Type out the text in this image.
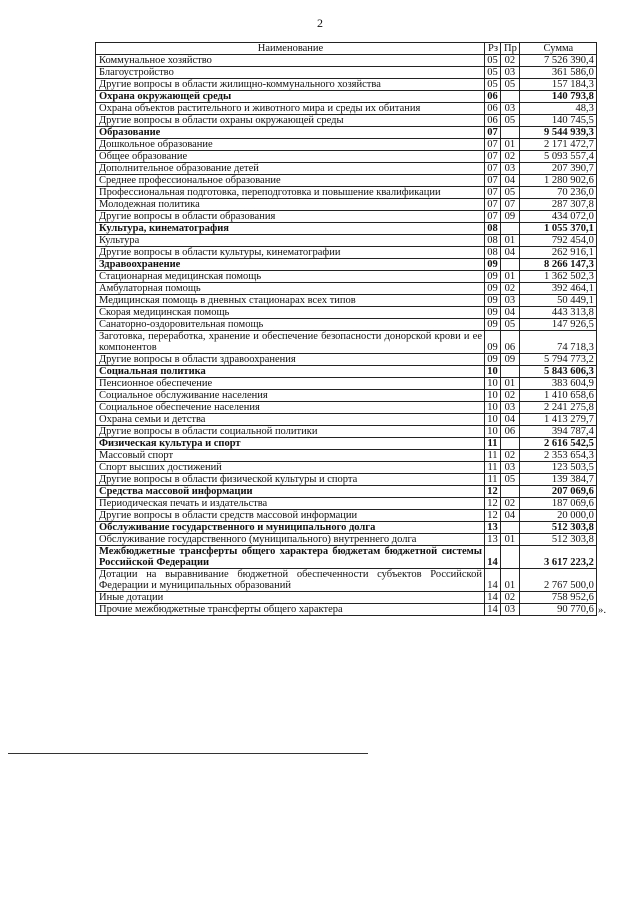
2
Наименование	Рз	Пр	Сумма
Коммунальное хозяйство	05	02	7 526 390,4
Благоустройство	05	03	361 586,0
Другие вопросы в области жилищно-коммунального хозяйства	05	05	157 184,3
Охрана окружающей среды	06		140 793,8
Охрана объектов растительного и животного мира и среды их обитания	06	03	48,3
Другие вопросы в области охраны окружающей среды	06	05	140 745,5
Образование	07		9 544 939,3
Дошкольное образование	07	01	2 171 472,7
Общее образование	07	02	5 093 557,4
Дополнительное образование детей	07	03	207 390,7
Среднее профессиональное образование	07	04	1 280 902,6
Профессиональная подготовка, переподготовка и повышение квалификации	07	05	70 236,0
Молодежная политика	07	07	287 307,8
Другие вопросы в области образования	07	09	434 072,0
Культура, кинематография	08		1 055 370,1
Культура	08	01	792 454,0
Другие вопросы в области культуры, кинематографии	08	04	262 916,1
Здравоохранение	09		8 266 147,3
Стационарная медицинская помощь	09	01	1 362 502,3
Амбулаторная помощь	09	02	392 464,1
Медицинская помощь в дневных стационарах всех типов	09	03	50 449,1
Скорая медицинская помощь	09	04	443 313,8
Санаторно-оздоровительная помощь	09	05	147 926,5
Заготовка, переработка, хранение и обеспечение безопасности донорской крови и ее компонентов	09	06	74 718,3
Другие вопросы в области здравоохранения	09	09	5 794 773,2
Социальная политика	10		5 843 606,3
Пенсионное обеспечение	10	01	383 604,9
Социальное обслуживание населения	10	02	1 410 658,6
Социальное обеспечение населения	10	03	2 241 275,8
Охрана семьи и детства	10	04	1 413 279,7
Другие вопросы в области социальной политики	10	06	394 787,4
Физическая культура и спорт	11		2 616 542,5
Массовый спорт	11	02	2 353 654,3
Спорт высших достижений	11	03	123 503,5
Другие вопросы в области физической культуры и спорта	11	05	139 384,7
Средства массовой информации	12		207 069,6
Периодическая печать и издательства	12	02	187 069,6
Другие вопросы в области средств массовой информации	12	04	20 000,0
Обслуживание государственного и муниципального долга	13		512 303,8
Обслуживание государственного (муниципального) внутреннего долга	13	01	512 303,8
Межбюджетные трансферты общего характера бюджетам бюджетной системы Российской Федерации	14		3 617 223,2
Дотации на выравнивание бюджетной обеспеченности субъектов Российской Федерации и муниципальных образований	14	01	2 767 500,0
Иные дотации	14	02	758 952,6
Прочие межбюджетные трансферты общего характера	14	03	90 770,6 ».
